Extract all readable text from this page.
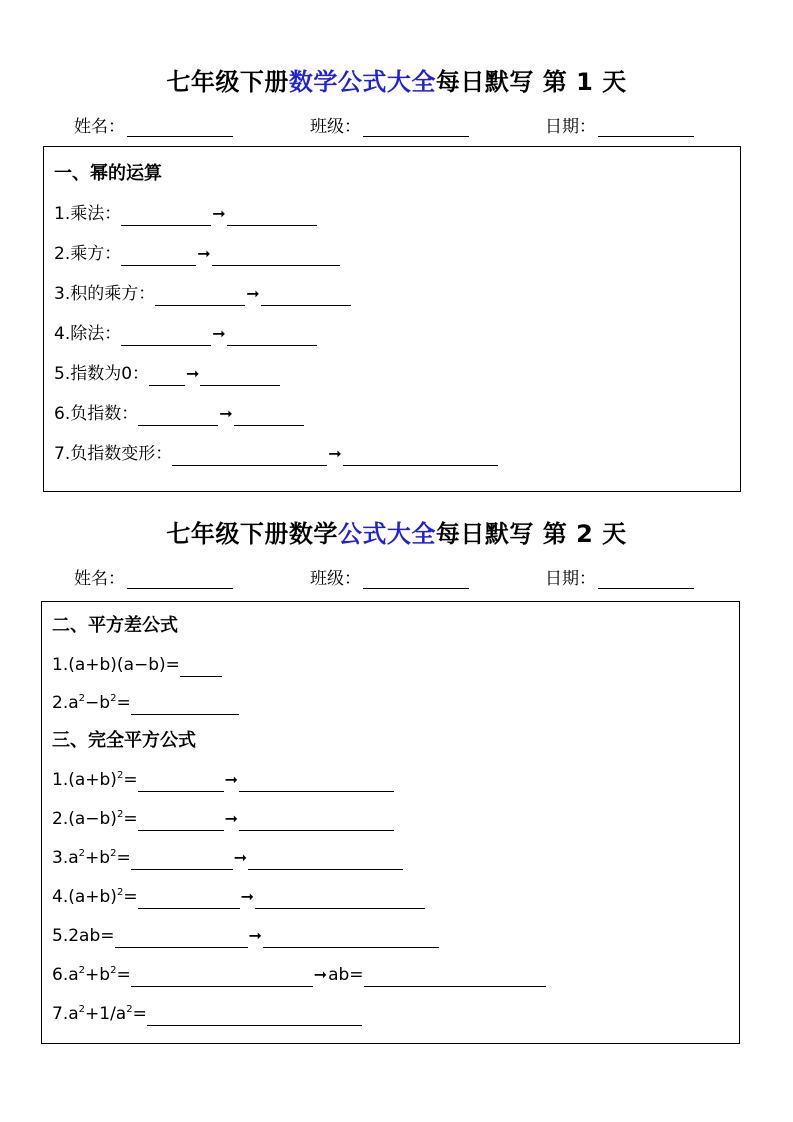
七年级下册数学公式大全每日默写 第 1 天
姓名：	班级：	日期：
一、幂的运算
1.乘法：	➞
2.乘方：	➞
3.积的乘方：	➞
4.除法：	➞
5.指数为0： ➞
6.负指数：	➞
7.负指数变形：	➞
七年级下册数学公式大全每日默写 第 2 天
姓名：	班级：	日期：
二、平方差公式
1.(a+b)(a−b)=
$2.a^2-b^2=$
三、完全平方公式
$1.(a+b)^2=$	➞
$2.(a-b)^2=$	➞
$3.a^2+b^2=$	➞
$4.(a+b)^2=$	➞
5.2ab=	➞
$6.a^2+b^2=$	➞ab=
$7.a^2+1/a^2=$
